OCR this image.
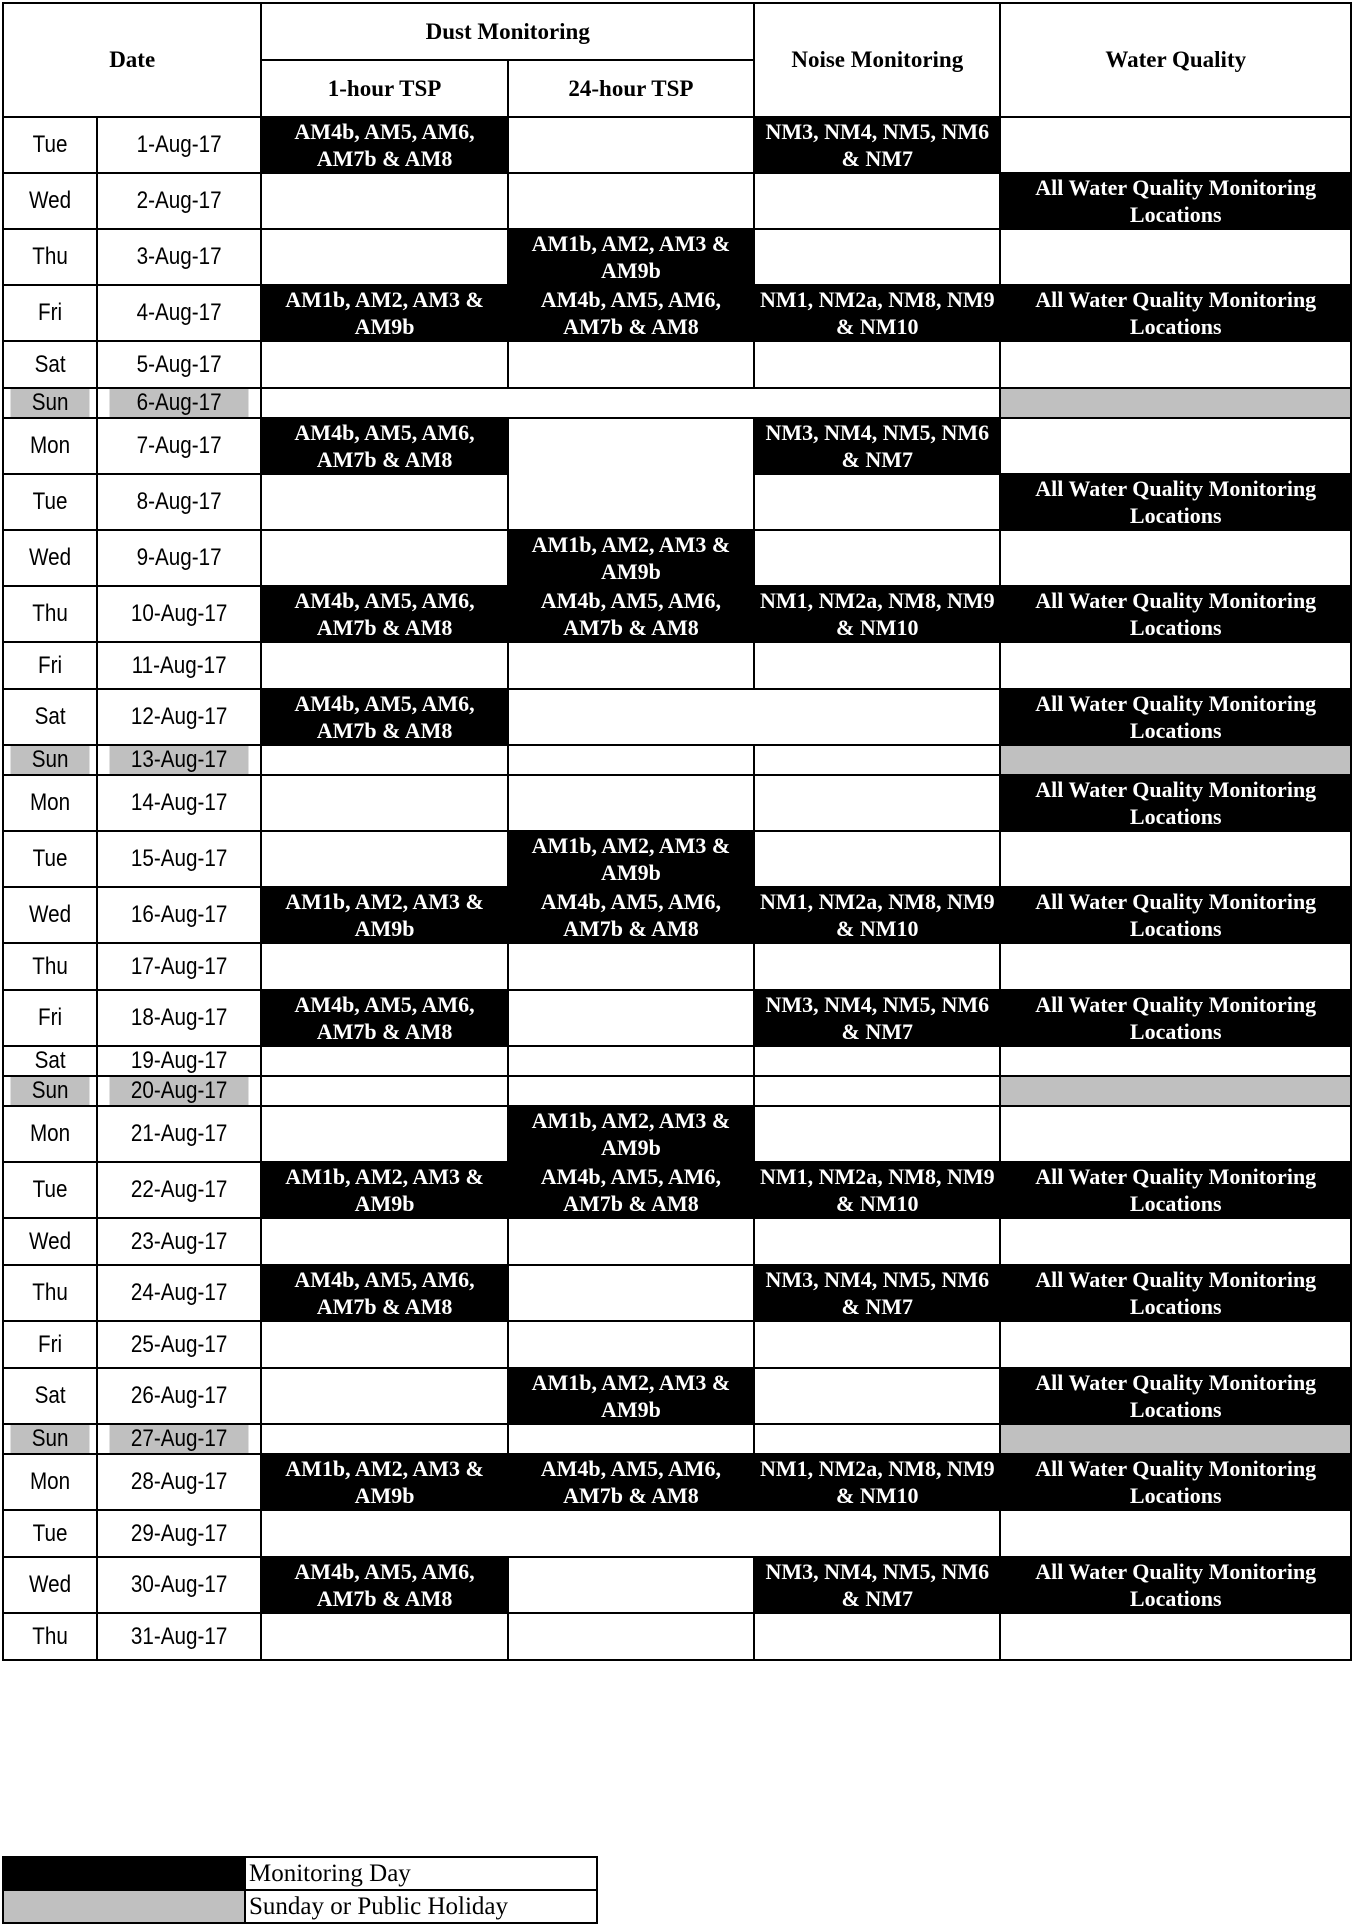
Date		Dust Monitoring		Noise Monitoring	Water Quality
		1-hour TSP	24-hour TSP		
Tue	1-Aug-17	AM4b, AM5, AM6, AM7b & AM8		NM3, NM4, NM5, NM6 & NM7	
Wed	2-Aug-17				All Water Quality Monitoring Locations
Thu	3-Aug-17		AM1b, AM2, AM3 & AM9b		
Fri	4-Aug-17	AM1b, AM2, AM3 & AM9b	AM4b, AM5, AM6, AM7b & AM8	NM1, NM2a, NM8, NM9 & NM10	All Water Quality Monitoring Locations
Sat	5-Aug-17				
Sun	6-Aug-17				
Mon	7-Aug-17	AM4b, AM5, AM6, AM7b & AM8		NM3, NM4, NM5, NM6 & NM7	
Tue	8-Aug-17				All Water Quality Monitoring Locations
Wed	9-Aug-17		AM1b, AM2, AM3 & AM9b		
Thu	10-Aug-17	AM4b, AM5, AM6, AM7b & AM8	AM4b, AM5, AM6, AM7b & AM8	NM1, NM2a, NM8, NM9 & NM10	All Water Quality Monitoring Locations
Fri	11-Aug-17				
Sat	12-Aug-17	AM4b, AM5, AM6, AM7b & AM8			All Water Quality Monitoring Locations
Sun	13-Aug-17				
Mon	14-Aug-17				All Water Quality Monitoring Locations
Tue	15-Aug-17		AM1b, AM2, AM3 & AM9b		
Wed	16-Aug-17	AM1b, AM2, AM3 & AM9b	AM4b, AM5, AM6, AM7b & AM8	NM1, NM2a, NM8, NM9 & NM10	All Water Quality Monitoring Locations
Thu	17-Aug-17				
Fri	18-Aug-17	AM4b, AM5, AM6, AM7b & AM8		NM3, NM4, NM5, NM6 & NM7	All Water Quality Monitoring Locations
Sat	19-Aug-17				
Sun	20-Aug-17				
Mon	21-Aug-17		AM1b, AM2, AM3 & AM9b		
Tue	22-Aug-17	AM1b, AM2, AM3 & AM9b	AM4b, AM5, AM6, AM7b & AM8	NM1, NM2a, NM8, NM9 & NM10	All Water Quality Monitoring Locations
Wed	23-Aug-17				
Thu	24-Aug-17	AM4b, AM5, AM6, AM7b & AM8		NM3, NM4, NM5, NM6 & NM7	All Water Quality Monitoring Locations
Fri	25-Aug-17				
Sat	26-Aug-17		AM1b, AM2, AM3 & AM9b		All Water Quality Monitoring Locations
Sun	27-Aug-17				
Mon	28-Aug-17	AM1b, AM2, AM3 & AM9b	AM4b, AM5, AM6, AM7b & AM8	NM1, NM2a, NM8, NM9 & NM10	All Water Quality Monitoring Locations
Tue	29-Aug-17				
Wed	30-Aug-17	AM4b, AM5, AM6, AM7b & AM8		NM3, NM4, NM5, NM6 & NM7	All Water Quality Monitoring Locations
Thu	31-Aug-17				
	Monitoring Day
	Sunday or Public Holiday
